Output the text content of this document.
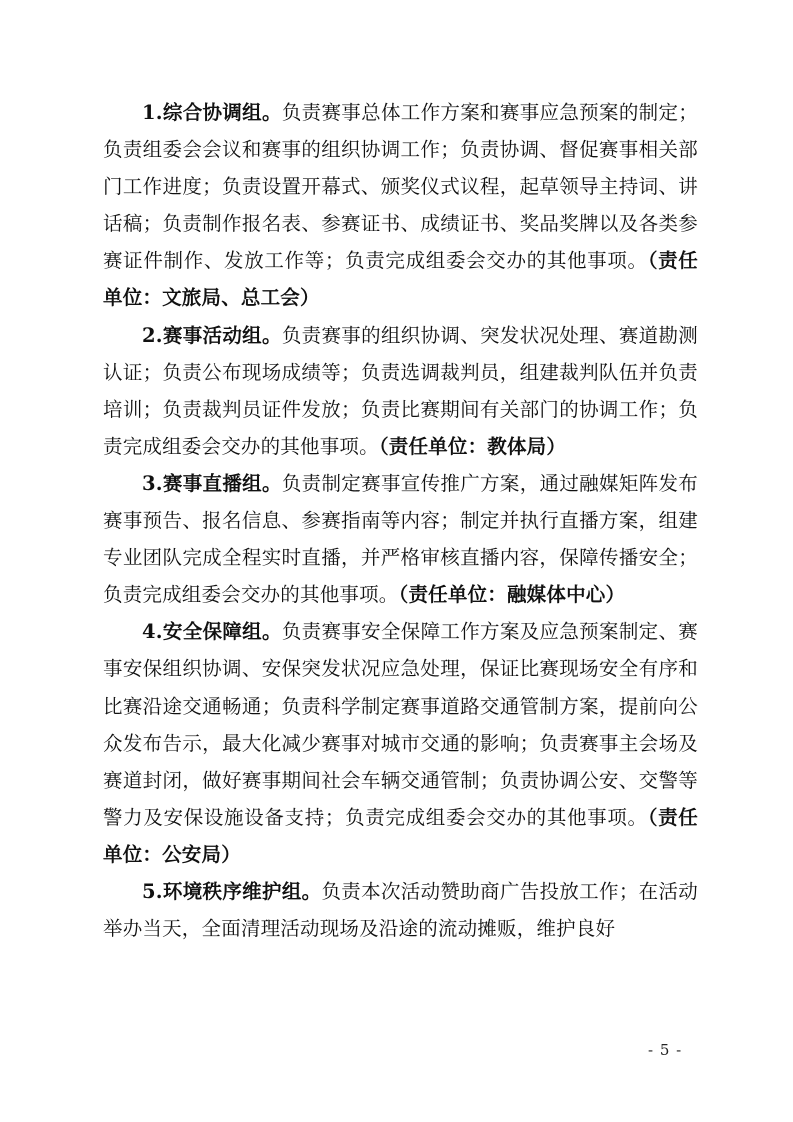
1.综合协调组。负责赛事总体工作方案和赛事应急预案的制定；负责组委会会议和赛事的组织协调工作；负责协调、督促赛事相关部门工作进度；负责设置开幕式、颁奖仪式议程，起草领导主持词、讲话稿；负责制作报名表、参赛证书、成绩证书、奖品奖牌以及各类参赛证件制作、发放工作等；负责完成组委会交办的其他事项。（责任单位：文旅局、总工会）

2.赛事活动组。负责赛事的组织协调、突发状况处理、赛道勘测认证；负责公布现场成绩等；负责选调裁判员，组建裁判队伍并负责培训；负责裁判员证件发放；负责比赛期间有关部门的协调工作；负责完成组委会交办的其他事项。（责任单位：教体局）

3.赛事直播组。负责制定赛事宣传推广方案，通过融媒矩阵发布赛事预告、报名信息、参赛指南等内容；制定并执行直播方案，组建专业团队完成全程实时直播，并严格审核直播内容，保障传播安全；负责完成组委会交办的其他事项。（责任单位：融媒体中心）

4.安全保障组。负责赛事安全保障工作方案及应急预案制定、赛事安保组织协调、安保突发状况应急处理，保证比赛现场安全有序和比赛沿途交通畅通；负责科学制定赛事道路交通管制方案，提前向公众发布告示，最大化减少赛事对城市交通的影响；负责赛事主会场及赛道封闭，做好赛事期间社会车辆交通管制；负责协调公安、交警等警力及安保设施设备支持；负责完成组委会交办的其他事项。（责任单位：公安局）

5.环境秩序维护组。负责本次活动赞助商广告投放工作；在活动举办当天，全面清理活动现场及沿途的流动摊贩，维护良好

- 5 -
